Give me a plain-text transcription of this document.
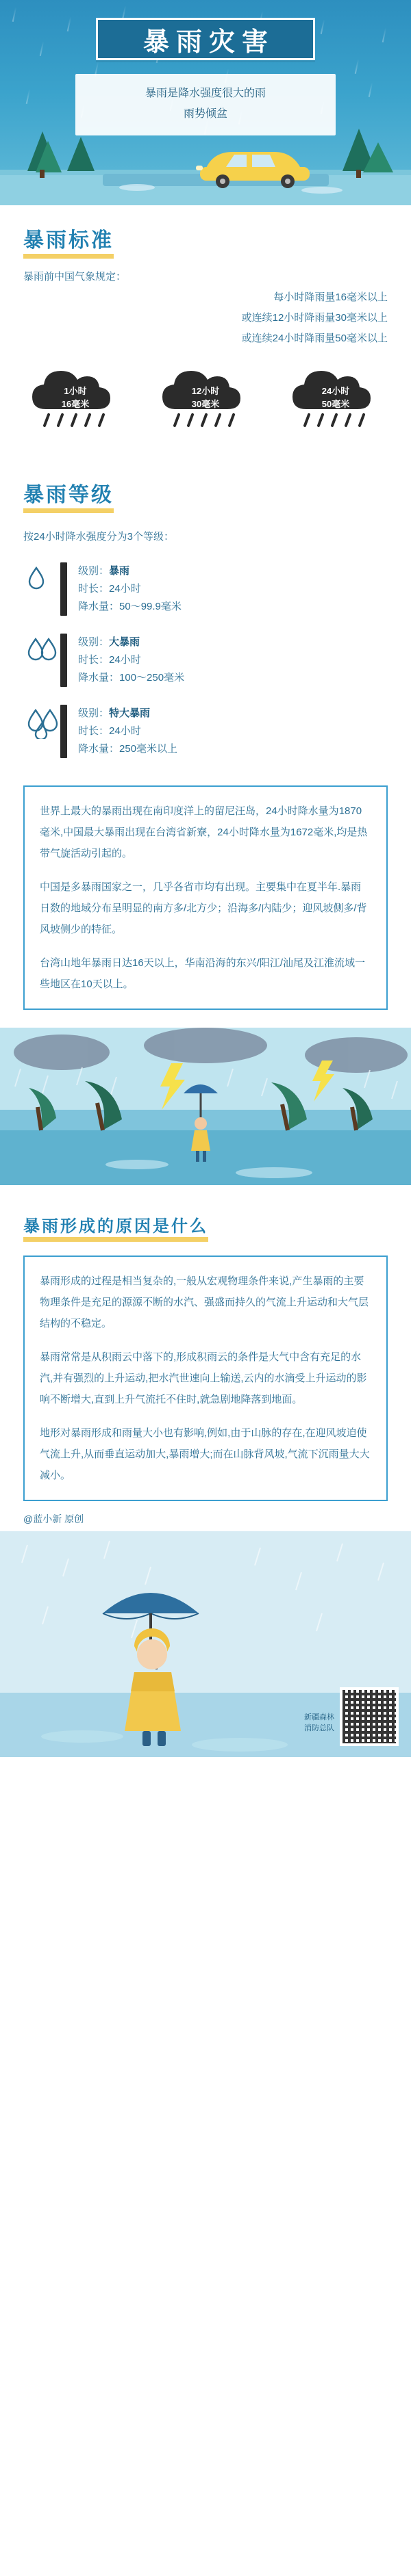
暴雨灾害

暴雨是降水强度很大的雨

雨势倾盆

暴雨标准

暴雨前中国气象规定：

每小时降雨量16毫米以上

或连续12小时降雨量30毫米以上

或连续24小时降雨量50毫米以上

1小时
16毫米
12小时
30毫米
24小时
50毫米
暴雨等级

按24小时降水强度分为3个等级：

级别：暴雨
时长：24小时
降水量：50～99.9毫米
级别：大暴雨
时长：24小时
降水量：100～250毫米
级别：特大暴雨
时长：24小时
降水量：250毫米以上

世界上最大的暴雨出现在南印度洋上的留尼汪岛，24小时降水量为1870毫米,中国最大暴雨出现在台湾省新寮，24小时降水量为1672毫米,均是热带气旋活动引起的。

中国是多暴雨国家之一，几乎各省市均有出现。主要集中在夏半年.暴雨日数的地域分布呈明显的南方多/北方少；沿海多/内陆少；迎风坡侧多/背风坡侧少的特征。

台湾山地年暴雨日达16天以上，华南沿海的东兴/阳江/汕尾及江淮流域一些地区在10天以上。

暴雨形成的原因是什么

暴雨形成的过程是相当复杂的,一般从宏观物理条件来说,产生暴雨的主要物理条件是充足的源源不断的水汽、强盛而持久的气流上升运动和大气层结构的不稳定。

暴雨常常是从积雨云中落下的,形成积雨云的条件是大气中含有充足的水汽,并有强烈的上升运动,把水汽世速向上输送,云内的水滴受上升运动的影响不断增大,直到上升气流托不住时,就急剧地降落到地面。

地形对暴雨形成和雨量大小也有影响,例如,由于山脉的存在,在迎风坡迫使气流上升,从而垂直运动加大,暴雨增大;而在山脉背风坡,气流下沉雨量大大减小。

@蓝小新 原创
新疆森林
消防总队
